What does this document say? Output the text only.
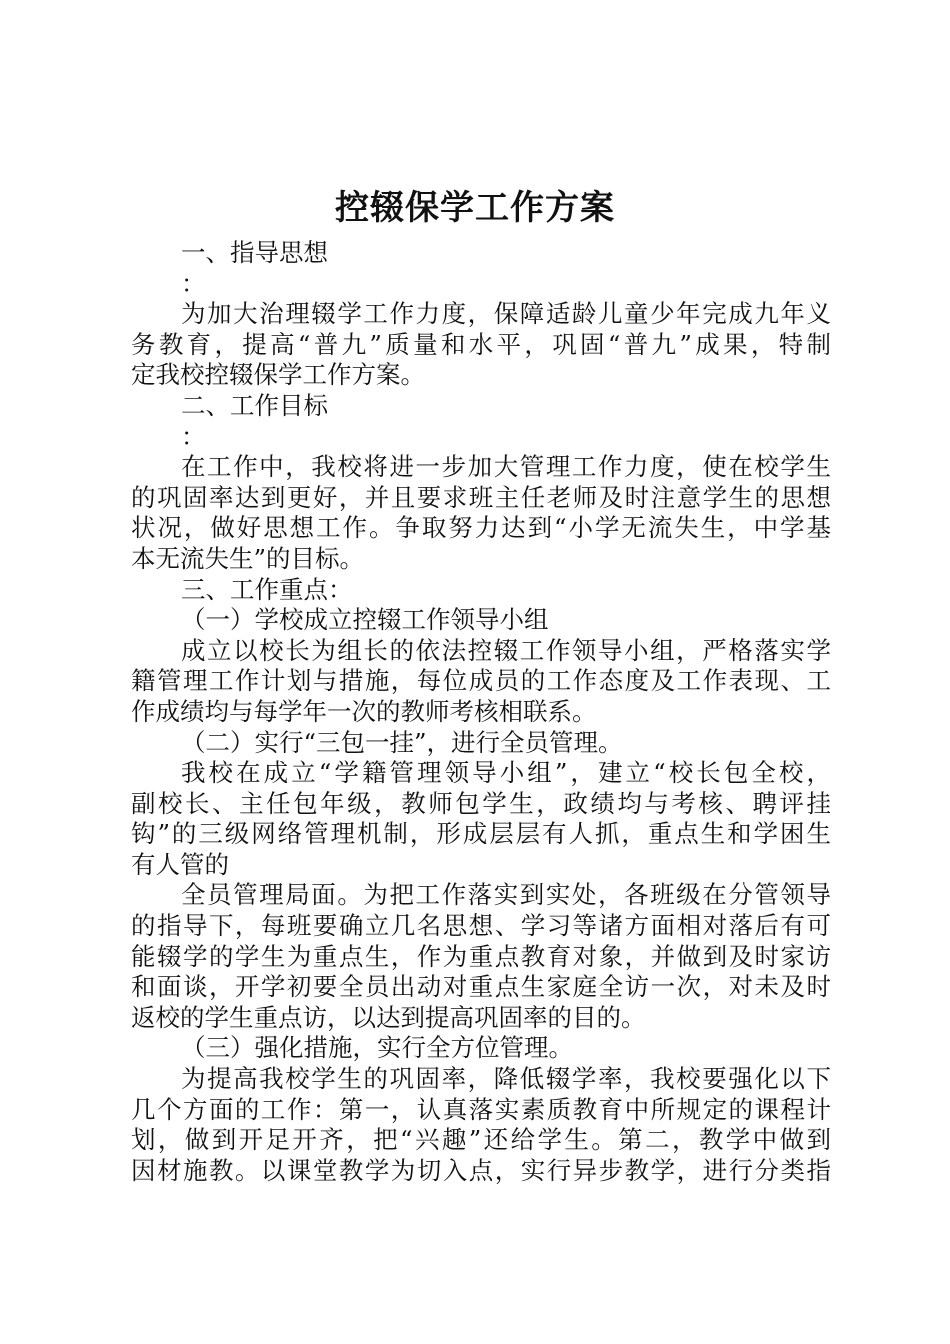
控辍保学工作方案
一、指导思想
：
为加大治理辍学工作力度，保障适龄儿童少年完成九年义
务教育，提高“普九”质量和水平，巩固“普九”成果，特制
定我校控辍保学工作方案。
二、工作目标
：
在工作中，我校将进一步加大管理工作力度，使在校学生
的巩固率达到更好，并且要求班主任老师及时注意学生的思想
状况，做好思想工作。争取努力达到“小学无流失生，中学基
本无流失生”的目标。
三、工作重点：
（一）学校成立控辍工作领导小组
成立以校长为组长的依法控辍工作领导小组，严格落实学
籍管理工作计划与措施，每位成员的工作态度及工作表现、工
作成绩均与每学年一次的教师考核相联系。
（二）实行“三包一挂”，进行全员管理。
我校在成立“学籍管理领导小组”，建立“校长包全校，
副校长、主任包年级，教师包学生，政绩均与考核、聘评挂
钩”的三级网络管理机制，形成层层有人抓，重点生和学困生
有人管的
全员管理局面。为把工作落实到实处，各班级在分管领导
的指导下，每班要确立几名思想、学习等诸方面相对落后有可
能辍学的学生为重点生，作为重点教育对象，并做到及时家访
和面谈，开学初要全员出动对重点生家庭全访一次，对未及时
返校的学生重点访，以达到提高巩固率的目的。
（三）强化措施，实行全方位管理。
为提高我校学生的巩固率，降低辍学率，我校要强化以下
几个方面的工作：第一，认真落实素质教育中所规定的课程计
划，做到开足开齐，把“兴趣”还给学生。第二，教学中做到
因材施教。以课堂教学为切入点，实行异步教学，进行分类指
